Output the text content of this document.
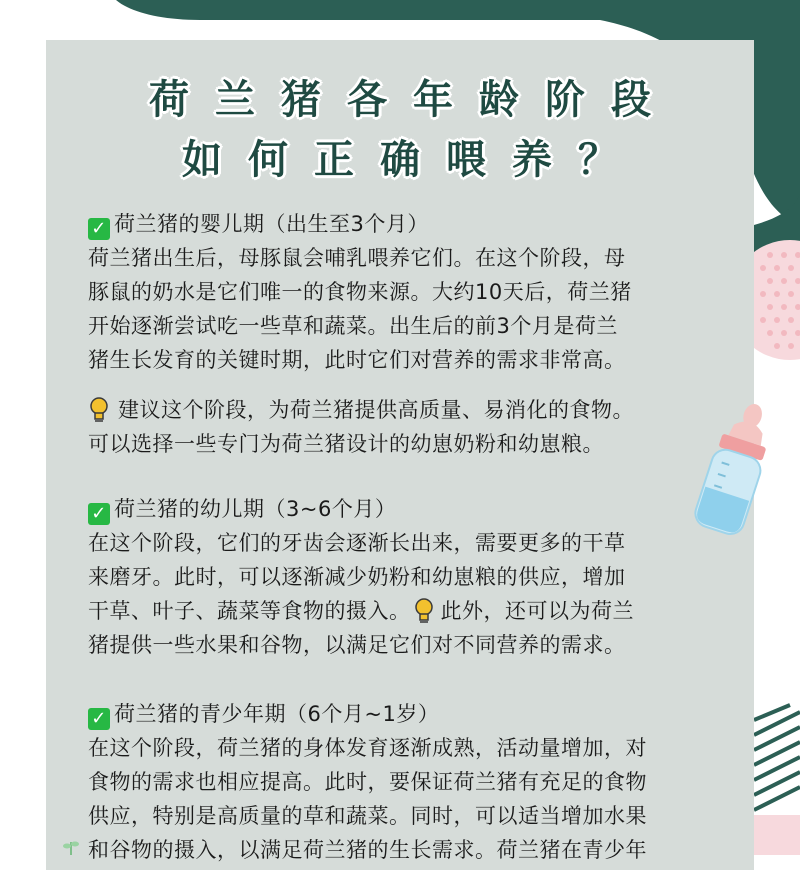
荷兰猪各年龄阶段
如何正确喂养？
✓ 荷兰猪的婴儿期（出生至3个月）
荷兰猪出生后，母豚鼠会哺乳喂养它们。在这个阶段，母
豚鼠的奶水是它们唯一的食物来源。大约10天后，荷兰猪
开始逐渐尝试吃一些草和蔬菜。出生后的前3个月是荷兰
猪生长发育的关键时期，此时它们对营养的需求非常高。
建议这个阶段，为荷兰猪提供高质量、易消化的食物。
可以选择一些专门为荷兰猪设计的幼崽奶粉和幼崽粮。
✓ 荷兰猪的幼儿期（3~6个月）
在这个阶段，它们的牙齿会逐渐长出来，需要更多的干草
来磨牙。此时，可以逐渐减少奶粉和幼崽粮的供应，增加
干草、叶子、蔬菜等食物的摄入。 此外，还可以为荷兰
猪提供一些水果和谷物，以满足它们对不同营养的需求。
✓ 荷兰猪的青少年期（6个月~1岁）
在这个阶段，荷兰猪的身体发育逐渐成熟，活动量增加，对
食物的需求也相应提高。此时，要保证荷兰猪有充足的食物
供应，特别是高质量的草和蔬菜。同时，可以适当增加水果
和谷物的摄入，以满足荷兰猪的生长需求。荷兰猪在青少年
